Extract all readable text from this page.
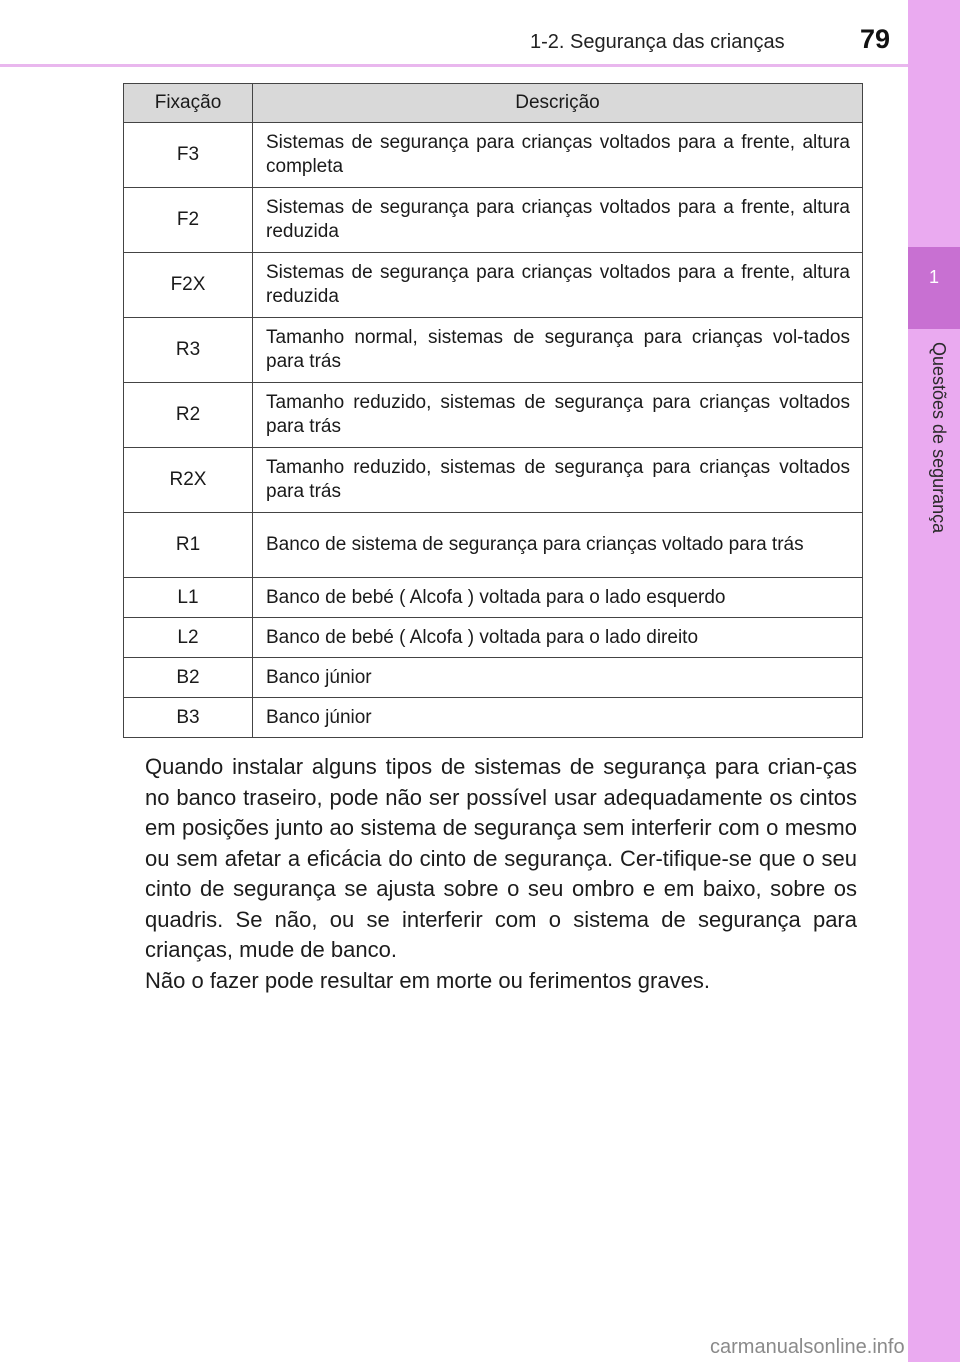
1
Questões de segurança
1-2. Segurança das crianças	79
Fixação	Descrição
F3	Sistemas de segurança para crianças voltados para a frente, altura completa
F2	Sistemas de segurança para crianças voltados para a frente, altura reduzida
F2X	Sistemas de segurança para crianças voltados para a frente, altura reduzida
R3	Tamanho normal, sistemas de segurança para crianças vol-tados para trás
R2	Tamanho reduzido, sistemas de segurança para crianças voltados para trás
R2X	Tamanho reduzido, sistemas de segurança para crianças voltados para trás
R1	Banco de sistema de segurança para crianças voltado para trás
L1	Banco de bebé ( Alcofa ) voltada para o lado esquerdo
L2	Banco de bebé ( Alcofa ) voltada para o lado direito
B2	Banco júnior
B3	Banco júnior

Quando instalar alguns tipos de sistemas de segurança para crian-ças no banco traseiro, pode não ser possível usar adequadamente os cintos em posições junto ao sistema de segurança sem interferir com o mesmo ou sem afetar a eficácia do cinto de segurança. Cer-tifique-se que o seu cinto de segurança se ajusta sobre o seu ombro e em baixo, sobre os quadris. Se não, ou se interferir com o sistema de segurança para crianças, mude de banco.

Não o fazer pode resultar em morte ou ferimentos graves.

carmanualsonline.info
